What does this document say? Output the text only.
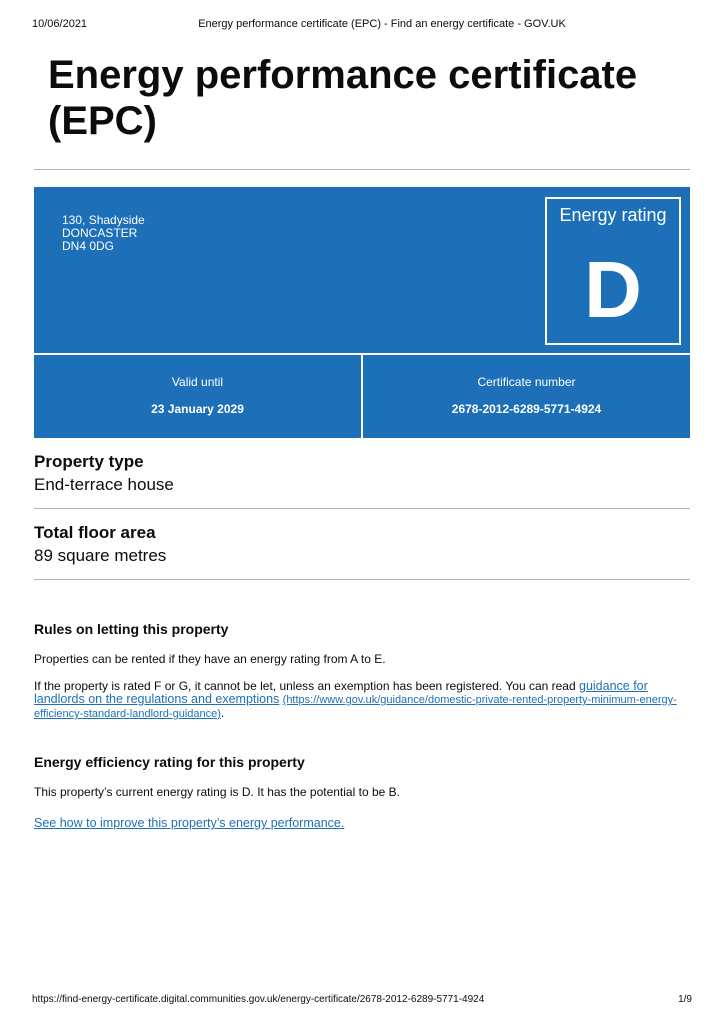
10/06/2021	Energy performance certificate (EPC) - Find an energy certificate - GOV.UK
Energy performance certificate (EPC)
130, Shadyside
DONCASTER
DN4 0DG
Energy rating
D
Valid until
23 January 2029
Certificate number
2678-2012-6289-5771-4924
Property type
End-terrace house
Total floor area
89 square metres
Rules on letting this property
Properties can be rented if they have an energy rating from A to E.
If the property is rated F or G, it cannot be let, unless an exemption has been registered. You can read guidance for landlords on the regulations and exemptions (https://www.gov.uk/guidance/domestic-private-rented-property-minimum-energy-efficiency-standard-landlord-guidance).
Energy efficiency rating for this property
This property’s current energy rating is D. It has the potential to be B.
See how to improve this property’s energy performance.
https://find-energy-certificate.digital.communities.gov.uk/energy-certificate/2678-2012-6289-5771-4924	1/9
